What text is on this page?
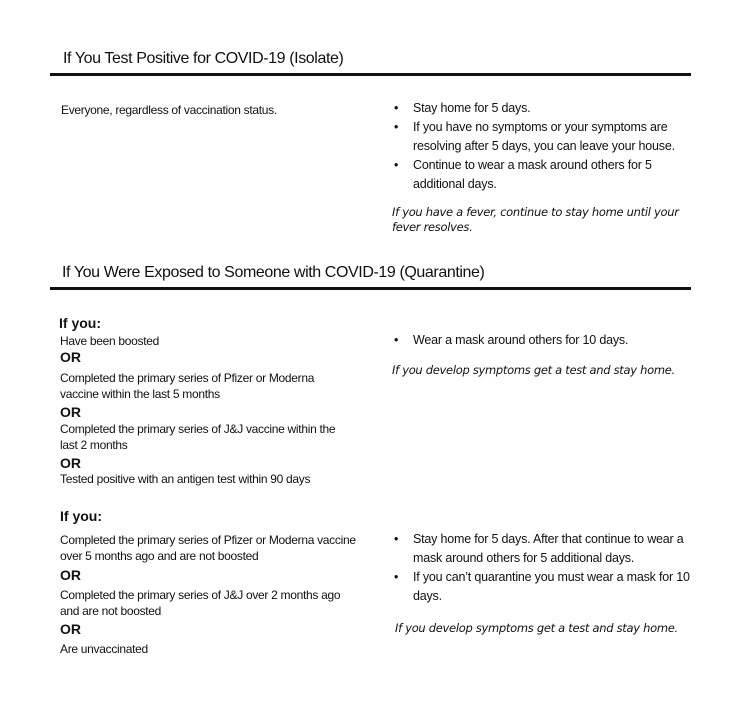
If You Test Positive for COVID-19 (Isolate)
Everyone, regardless of vaccination status.	• Stay home for 5 days.
• If you have no symptoms or your symptoms are resolving after 5 days, you can leave your house.
• Continue to wear a mask around others for 5 additional days.
If you have a fever, continue to stay home until your fever resolves.
If You Were Exposed to Someone with COVID-19 (Quarantine)
If you:
Have been boosted
OR
Completed the primary series of Pfizer or Moderna vaccine within the last 5 months
OR
Completed the primary series of J&J vaccine within the last 2 months
OR
Tested positive with an antigen test within 90 days
• Wear a mask around others for 10 days.
If you develop symptoms get a test and stay home.
If you:
Completed the primary series of Pfizer or Moderna vaccine over 5 months ago and are not boosted
OR
Completed the primary series of J&J over 2 months ago and are not boosted
OR
Are unvaccinated
• Stay home for 5 days. After that continue to wear a mask around others for 5 additional days.
• If you can’t quarantine you must wear a mask for 10 days.
If you develop symptoms get a test and stay home.
